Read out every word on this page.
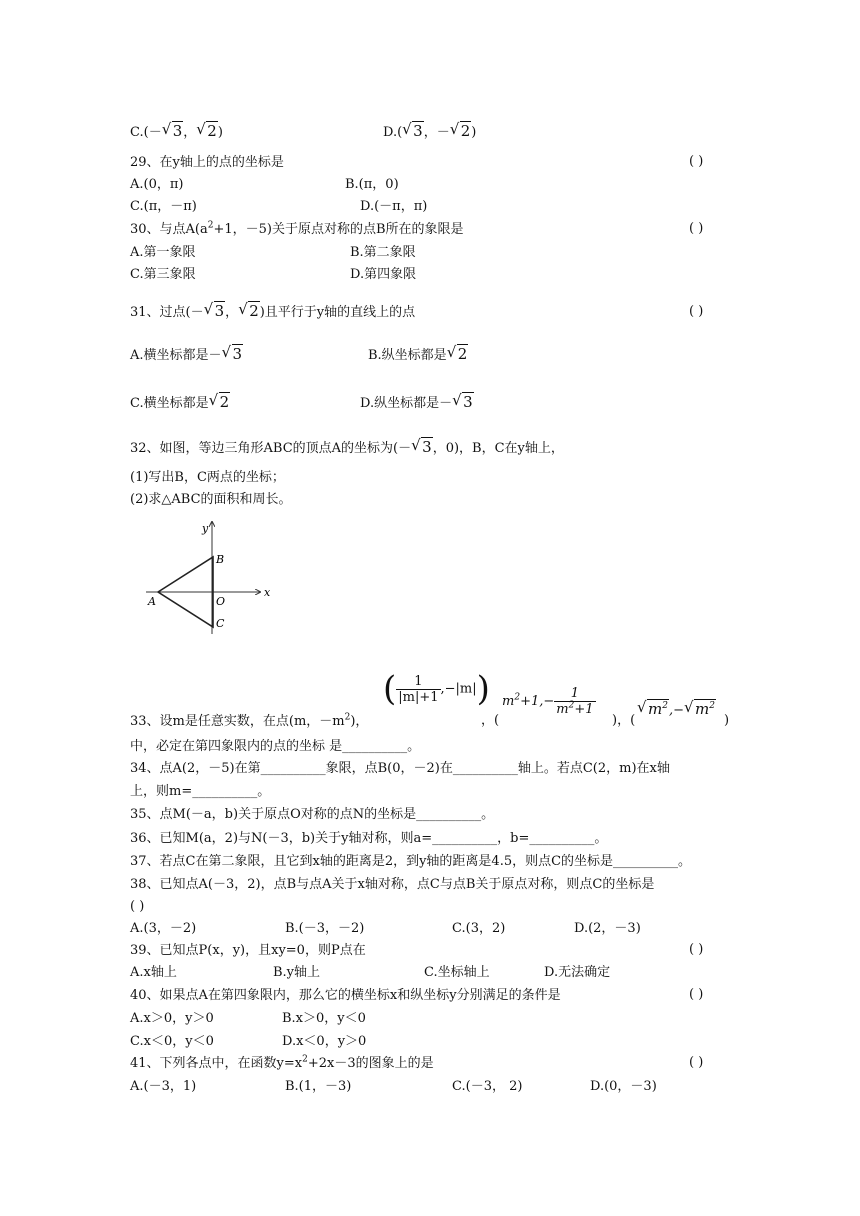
C.(－√ 3，√ 2)	D.(√ 3，－√ 2)
29、在y轴上的点的坐标是	( )
A.(0，π)	B.(π，0)
C.(π，－π)	D.(－π，π)
30、与点$A(a^2+1$，－5)关于原点对称的点B所在的象限是	( )
A.第一象限	B.第二象限
C.第三象限	D.第四象限
31、过点(－√ 3，√ 2)且平行于y轴的直线上的点	( )
A.横坐标都是－√ 3	B.纵坐标都是√ 2
C.横坐标都是√ 2	D.纵坐标都是－√ 3
32、如图，等边三角形ABC的顶点A的坐标为(－√ 3，0)，B，C在y轴上，
(1)写出B，C两点的坐标；
(2)求△ABC的面积和周长。
y
x
A
B
O
C
33、设m是任意实数，在点(m，$-m^2$)，
( $\frac{1}{|m|+1} ,-|m|$)
，(
$m^2+1,- \frac{1}{m^2+1}$
)，(
√ $m^2,-√$ $m^2$
)
中，必定在第四象限内的点的坐标 是__________。
34、点A(2，－5)在第__________象限，点B(0，－2)在__________轴上。若点C(2，m)在x轴
上，则m=__________。
35、点M(－a，b)关于原点O对称的点N的坐标是__________。
36、已知M(a，2)与N(－3，b)关于y轴对称，则a=__________，b=__________。
37、若点C在第二象限，且它到x轴的距离是2，到y轴的距离是4.5，则点C的坐标是__________。
38、已知点A(－3，2)，点B与点A关于x轴对称，点C与点B关于原点对称，则点C的坐标是
( )
A.(3，－2)	B.(－3，－2)	C.(3，2)	D.(2，－3)
39、已知点P(x，y)，且xy=0，则P点在	( )
A.x轴上	B.y轴上	C.坐标轴上	D.无法确定
40、如果点A在第四象限内，那么它的横坐标x和纵坐标y分别满足的条件是	( )
A.x＞0，y＞0	B.x＞0，y＜0
C.x＜0，y＜0	D.x＜0，y＞0
41、下列各点中，在函数$y=x^2+2x-3$的图象上的是	( )
A.(－3，1)	B.(1，－3)	C.(－3， 2)	D.(0，－3)
